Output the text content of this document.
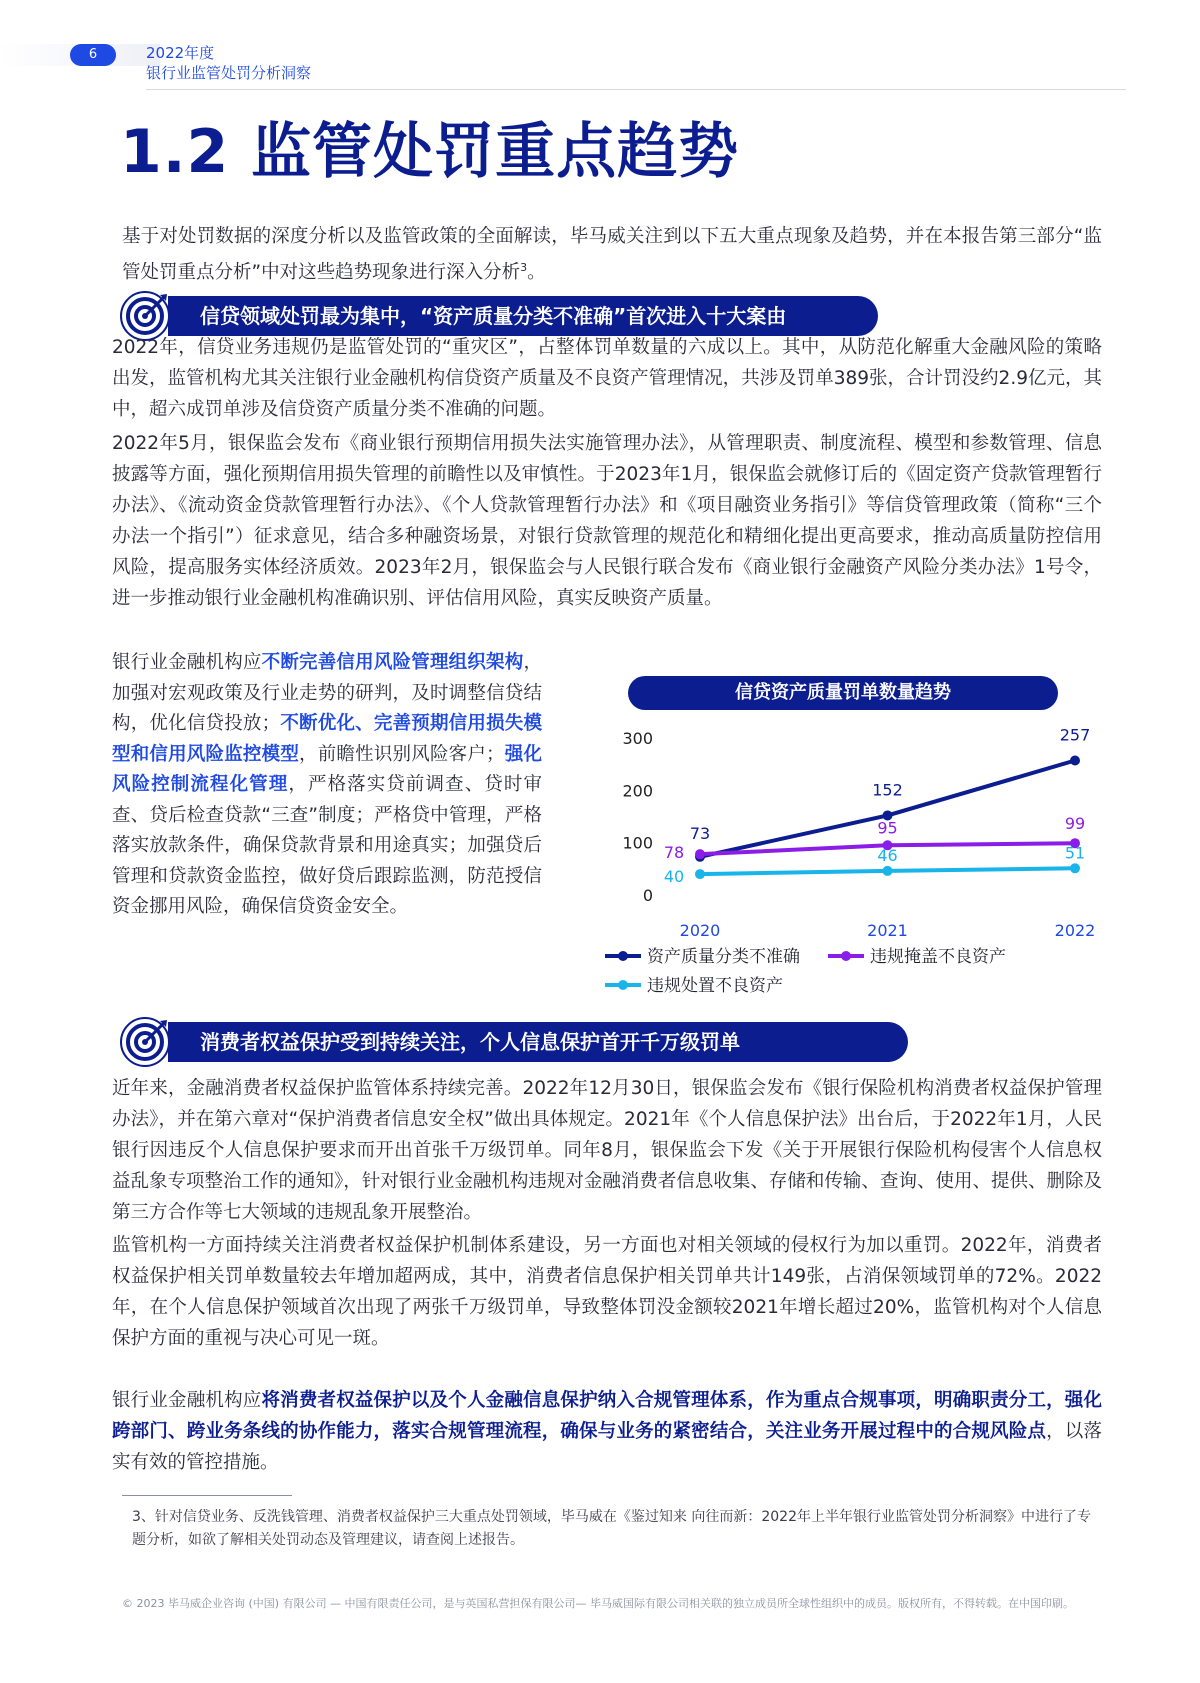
6	2022年度
银行业监管处罚分析洞察
1.2 监管处罚重点趋势

基于对处罚数据的深度分析以及监管政策的全面解读，毕马威关注到以下五大重点现象及趋势，并在本报告第三部分“监管处罚重点分析”中对这些趋势现象进行深入分析$^3$。

信贷领域处罚最为集中，“资产质量分类不准确”首次进入十大案由

2022年，信贷业务违规仍是监管处罚的“重灾区”，占整体罚单数量的六成以上。其中，从防范化解重大金融风险的策略出发，监管机构尤其关注银行业金融机构信贷资产质量及不良资产管理情况，共涉及罚单389张，合计罚没约2.9亿元，其中，超六成罚单涉及信贷资产质量分类不准确的问题。

2022年5月，银保监会发布《商业银行预期信用损失法实施管理办法》，从管理职责、制度流程、模型和参数管理、信息披露等方面，强化预期信用损失管理的前瞻性以及审慎性。于2023年1月，银保监会就修订后的《固定资产贷款管理暂行办法》、《流动资金贷款管理暂行办法》、《个人贷款管理暂行办法》和《项目融资业务指引》等信贷管理政策（简称“三个办法一个指引”）征求意见，结合多种融资场景，对银行贷款管理的规范化和精细化提出更高要求，推动高质量防控信用风险，提高服务实体经济质效。2023年2月，银保监会与人民银行联合发布《商业银行金融资产风险分类办法》1号令，进一步推动银行业金融机构准确识别、评估信用风险，真实反映资产质量。

银行业金融机构应不断完善信用风险管理组织架构，加强对宏观政策及行业走势的研判，及时调整信贷结构，优化信贷投放；不断优化、完善预期信用损失模型和信用风险监控模型，前瞻性识别风险客户；强化风险控制流程化管理，严格落实贷前调查、贷时审查、贷后检查贷款“三查”制度；严格贷中管理，严格落实放款条件，确保贷款背景和用途真实；加强贷后管理和贷款资金监控，做好贷后跟踪监测，防范授信资金挪用风险，确保信贷资金安全。

信贷资产质量罚单数量趋势
0
100
200
300
2020	2021	2022
73
152
257
78
95	99
40
46	51
资产质量分类不准确	违规掩盖不良资产
违规处置不良资产
消费者权益保护受到持续关注，个人信息保护首开千万级罚单

近年来，金融消费者权益保护监管体系持续完善。2022年12月30日，银保监会发布《银行保险机构消费者权益保护管理办法》，并在第六章对“保护消费者信息安全权”做出具体规定。2021年《个人信息保护法》出台后，于2022年1月，人民银行因违反个人信息保护要求而开出首张千万级罚单。同年8月，银保监会下发《关于开展银行保险机构侵害个人信息权益乱象专项整治工作的通知》，针对银行业金融机构违规对金融消费者信息收集、存储和传输、查询、使用、提供、删除及第三方合作等七大领域的违规乱象开展整治。

监管机构一方面持续关注消费者权益保护机制体系建设，另一方面也对相关领域的侵权行为加以重罚。2022年，消费者权益保护相关罚单数量较去年增加超两成，其中，消费者信息保护相关罚单共计149张，占消保领域罚单的72%。2022年，在个人信息保护领域首次出现了两张千万级罚单，导致整体罚没金额较2021年增长超过20%，监管机构对个人信息保护方面的重视与决心可见一斑。

银行业金融机构应将消费者权益保护以及个人金融信息保护纳入合规管理体系，作为重点合规事项，明确职责分工，强化跨部门、跨业务条线的协作能力，落实合规管理流程，确保与业务的紧密结合，关注业务开展过程中的合规风险点，以落实有效的管控措施。

3、针对信贷业务、反洗钱管理、消费者权益保护三大重点处罚领域，毕马威在《鉴过知来 向往而新：2022年上半年银行业监管处罚分析洞察》中进行了专题分析，如欲了解相关处罚动态及管理建议，请查阅上述报告。

© 2023 毕马威企业咨询 (中国) 有限公司 — 中国有限责任公司，是与英国私营担保有限公司— 毕马威国际有限公司相关联的独立成员所全球性组织中的成员。版权所有，不得转载。在中国印刷。
